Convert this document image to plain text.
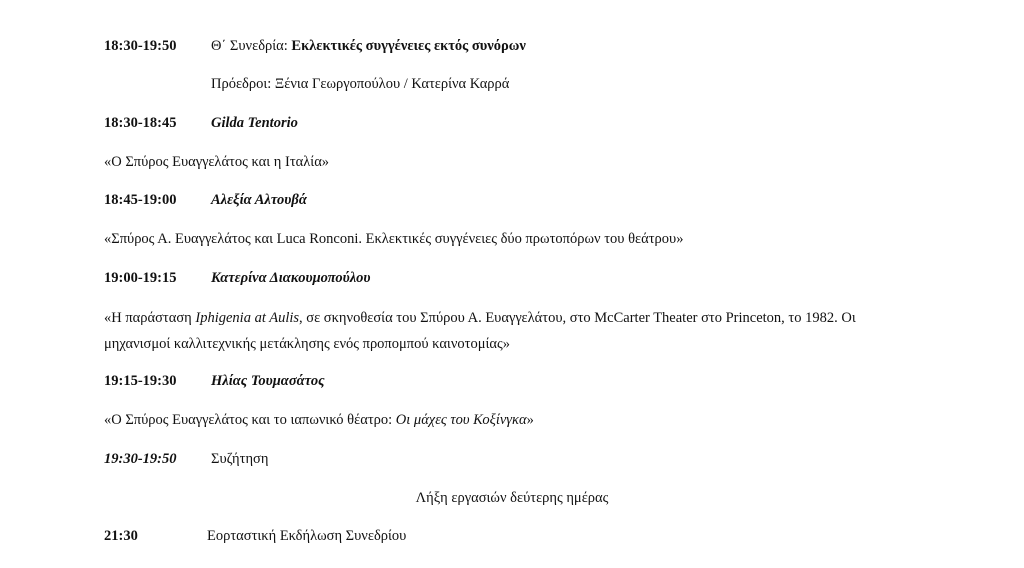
18:30-19:50 Θ΄ Συνεδρία: Εκλεκτικές συγγένειες εκτός συνόρων
Πρόεδροι: Ξένια Γεωργοπούλου / Κατερίνα Καρρά
18:30-18:45 Gilda Tentorio
«Ο Σπύρος Ευαγγελάτος και η Ιταλία»
18:45-19:00 Αλεξία Αλτουβά
«Σπύρος Α. Ευαγγελάτος και Luca Ronconi. Εκλεκτικές συγγένειες δύο πρωτοπόρων του θεάτρου»
19:00-19:15 Κατερίνα Διακουμοπούλου
«Η παράσταση Iphigenia at Aulis, σε σκηνοθεσία του Σπύρου Α. Ευαγγελάτου, στο McCarter Theater στο Princeton, το 1982. Οι μηχανισμοί καλλιτεχνικής μετάκλησης ενός προπομπού καινοτομίας»
19:15-19:30 Ηλίας Τουμασάτος
«Ο Σπύρος Ευαγγελάτος και το ιαπωνικό θέατρο: Οι μάχες του Κοξίνγκα»
19:30-19:50 Συζήτηση
Λήξη εργασιών δεύτερης ημέρας
21:30	Εορταστική Εκδήλωση Συνεδρίου
